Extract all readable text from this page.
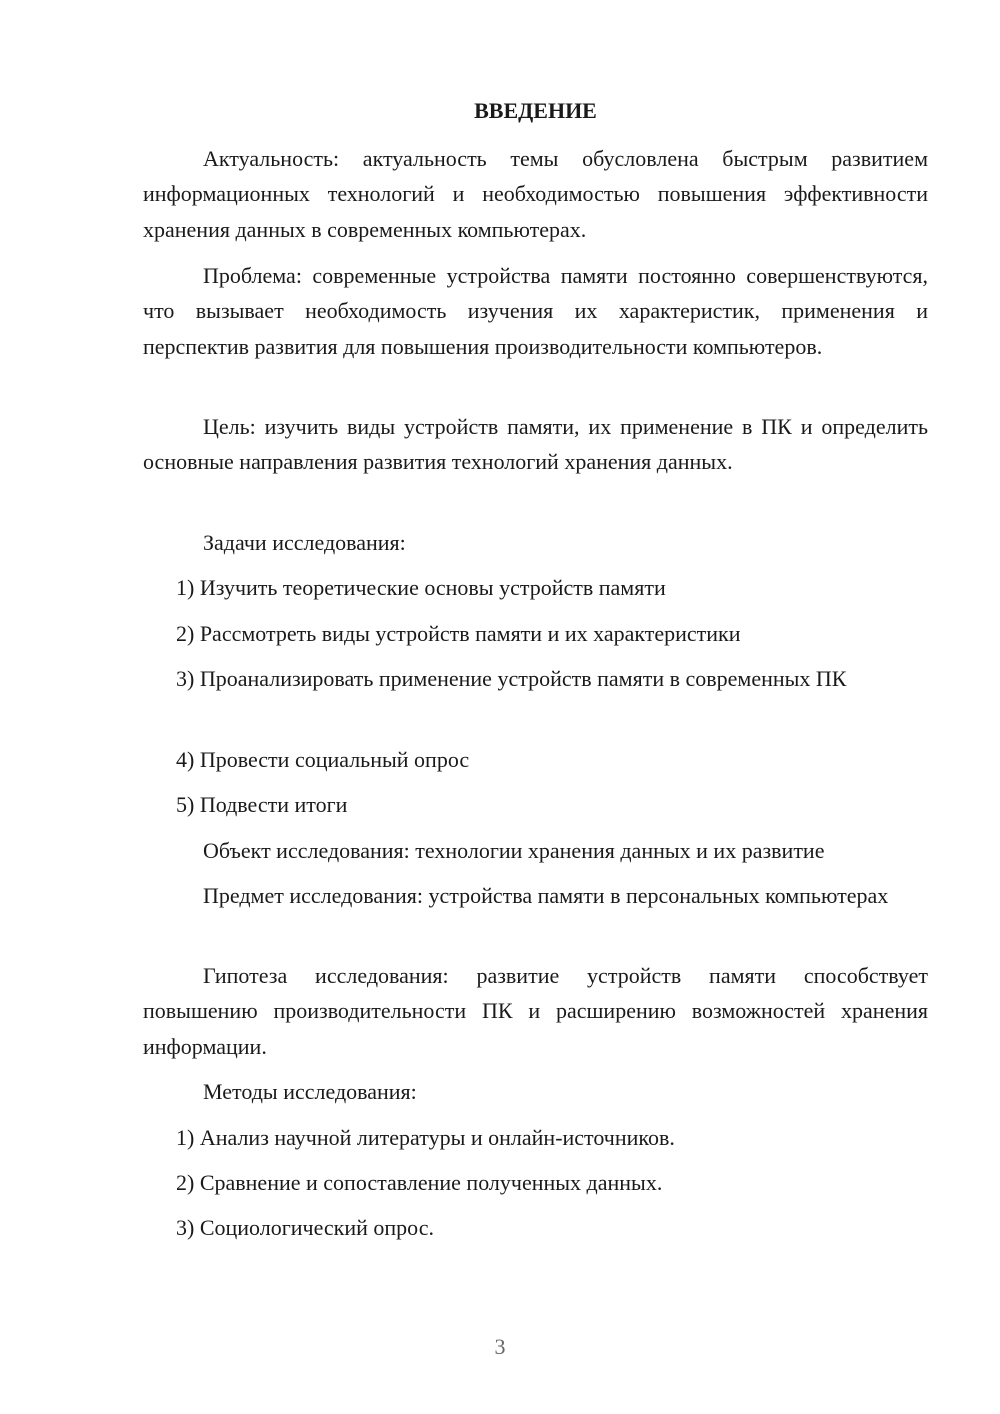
ВВЕДЕНИЕ

Актуальность: актуальность темы обусловлена быстрым развитием информационных технологий и необходимостью повышения эффективности хранения данных в современных компьютерах.

Проблема: современные устройства памяти постоянно совершенствуются, что вызывает необходимость изучения их характеристик, применения и перспектив развития для повышения производительности компьютеров.

Цель: изучить виды устройств памяти, их применение в ПК и определить основные направления развития технологий хранения данных.

Задачи исследования:

1) Изучить теоретические основы устройств памяти

2) Рассмотреть виды устройств памяти и их характеристики

3) Проанализировать применение устройств памяти в современных ПК

4) Провести социальный опрос

5) Подвести итоги

Объект исследования: технологии хранения данных и их развитие

Предмет исследования: устройства памяти в персональных компьютерах

Гипотеза исследования: развитие устройств памяти способствует повышению производительности ПК и расширению возможностей хранения информации.

Методы исследования:

1) Анализ научной литературы и онлайн-источников.

2) Сравнение и сопоставление полученных данных.

3) Социологический опрос.

3
